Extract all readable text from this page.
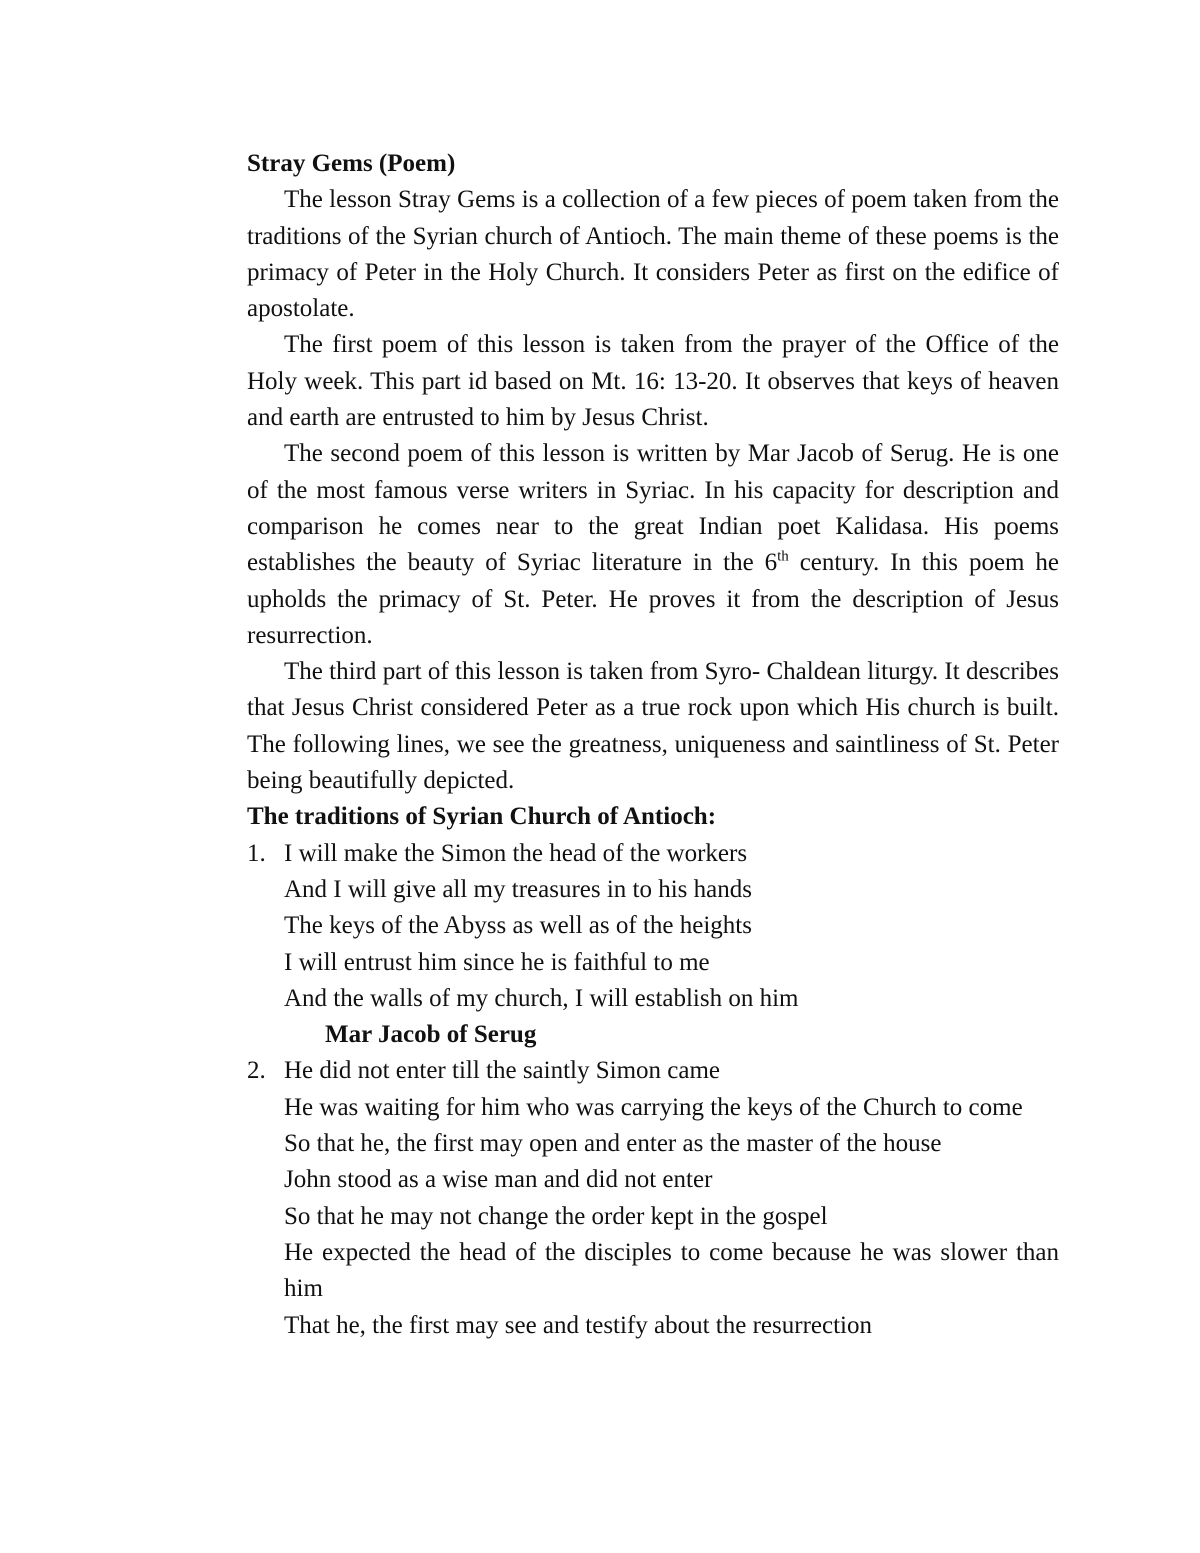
Stray Gems (Poem)

The lesson Stray Gems is a collection of a few pieces of poem taken from the traditions of the Syrian church of Antioch. The main theme of these poems is the primacy of Peter in the Holy Church. It considers Peter as first on the edifice of apostolate.

The first poem of this lesson is taken from the prayer of the Office of the Holy week. This part id based on Mt. 16: 13-20. It observes that keys of heaven and earth are entrusted to him by Jesus Christ.

The second poem of this lesson is written by Mar Jacob of Serug. He is one of the most famous verse writers in Syriac. In his capacity for description and comparison he comes near to the great Indian poet Kalidasa. His poems establishes the beauty of Syriac literature in the 6th century. In this poem he upholds the primacy of St. Peter. He proves it from the description of Jesus resurrection.

The third part of this lesson is taken from Syro- Chaldean liturgy. It describes that Jesus Christ considered Peter as a true rock upon which His church is built. The following lines, we see the greatness, uniqueness and saintliness of St. Peter being beautifully depicted.

The traditions of Syrian Church of Antioch:

1. I will make the Simon the head of the workers
And I will give all my treasures in to his hands
The keys of the Abyss as well as of the heights
I will entrust him since he is faithful to me
And the walls of my church, I will establish on him

Mar Jacob of Serug

2. He did not enter till the saintly Simon came
He was waiting for him who was carrying the keys of the Church to come
So that he, the first may open and enter as the master of the house
John stood as a wise man and did not enter
So that he may not change the order kept in the gospel
He expected the head of the disciples to come because he was slower than him
That he, the first may see and testify about the resurrection
